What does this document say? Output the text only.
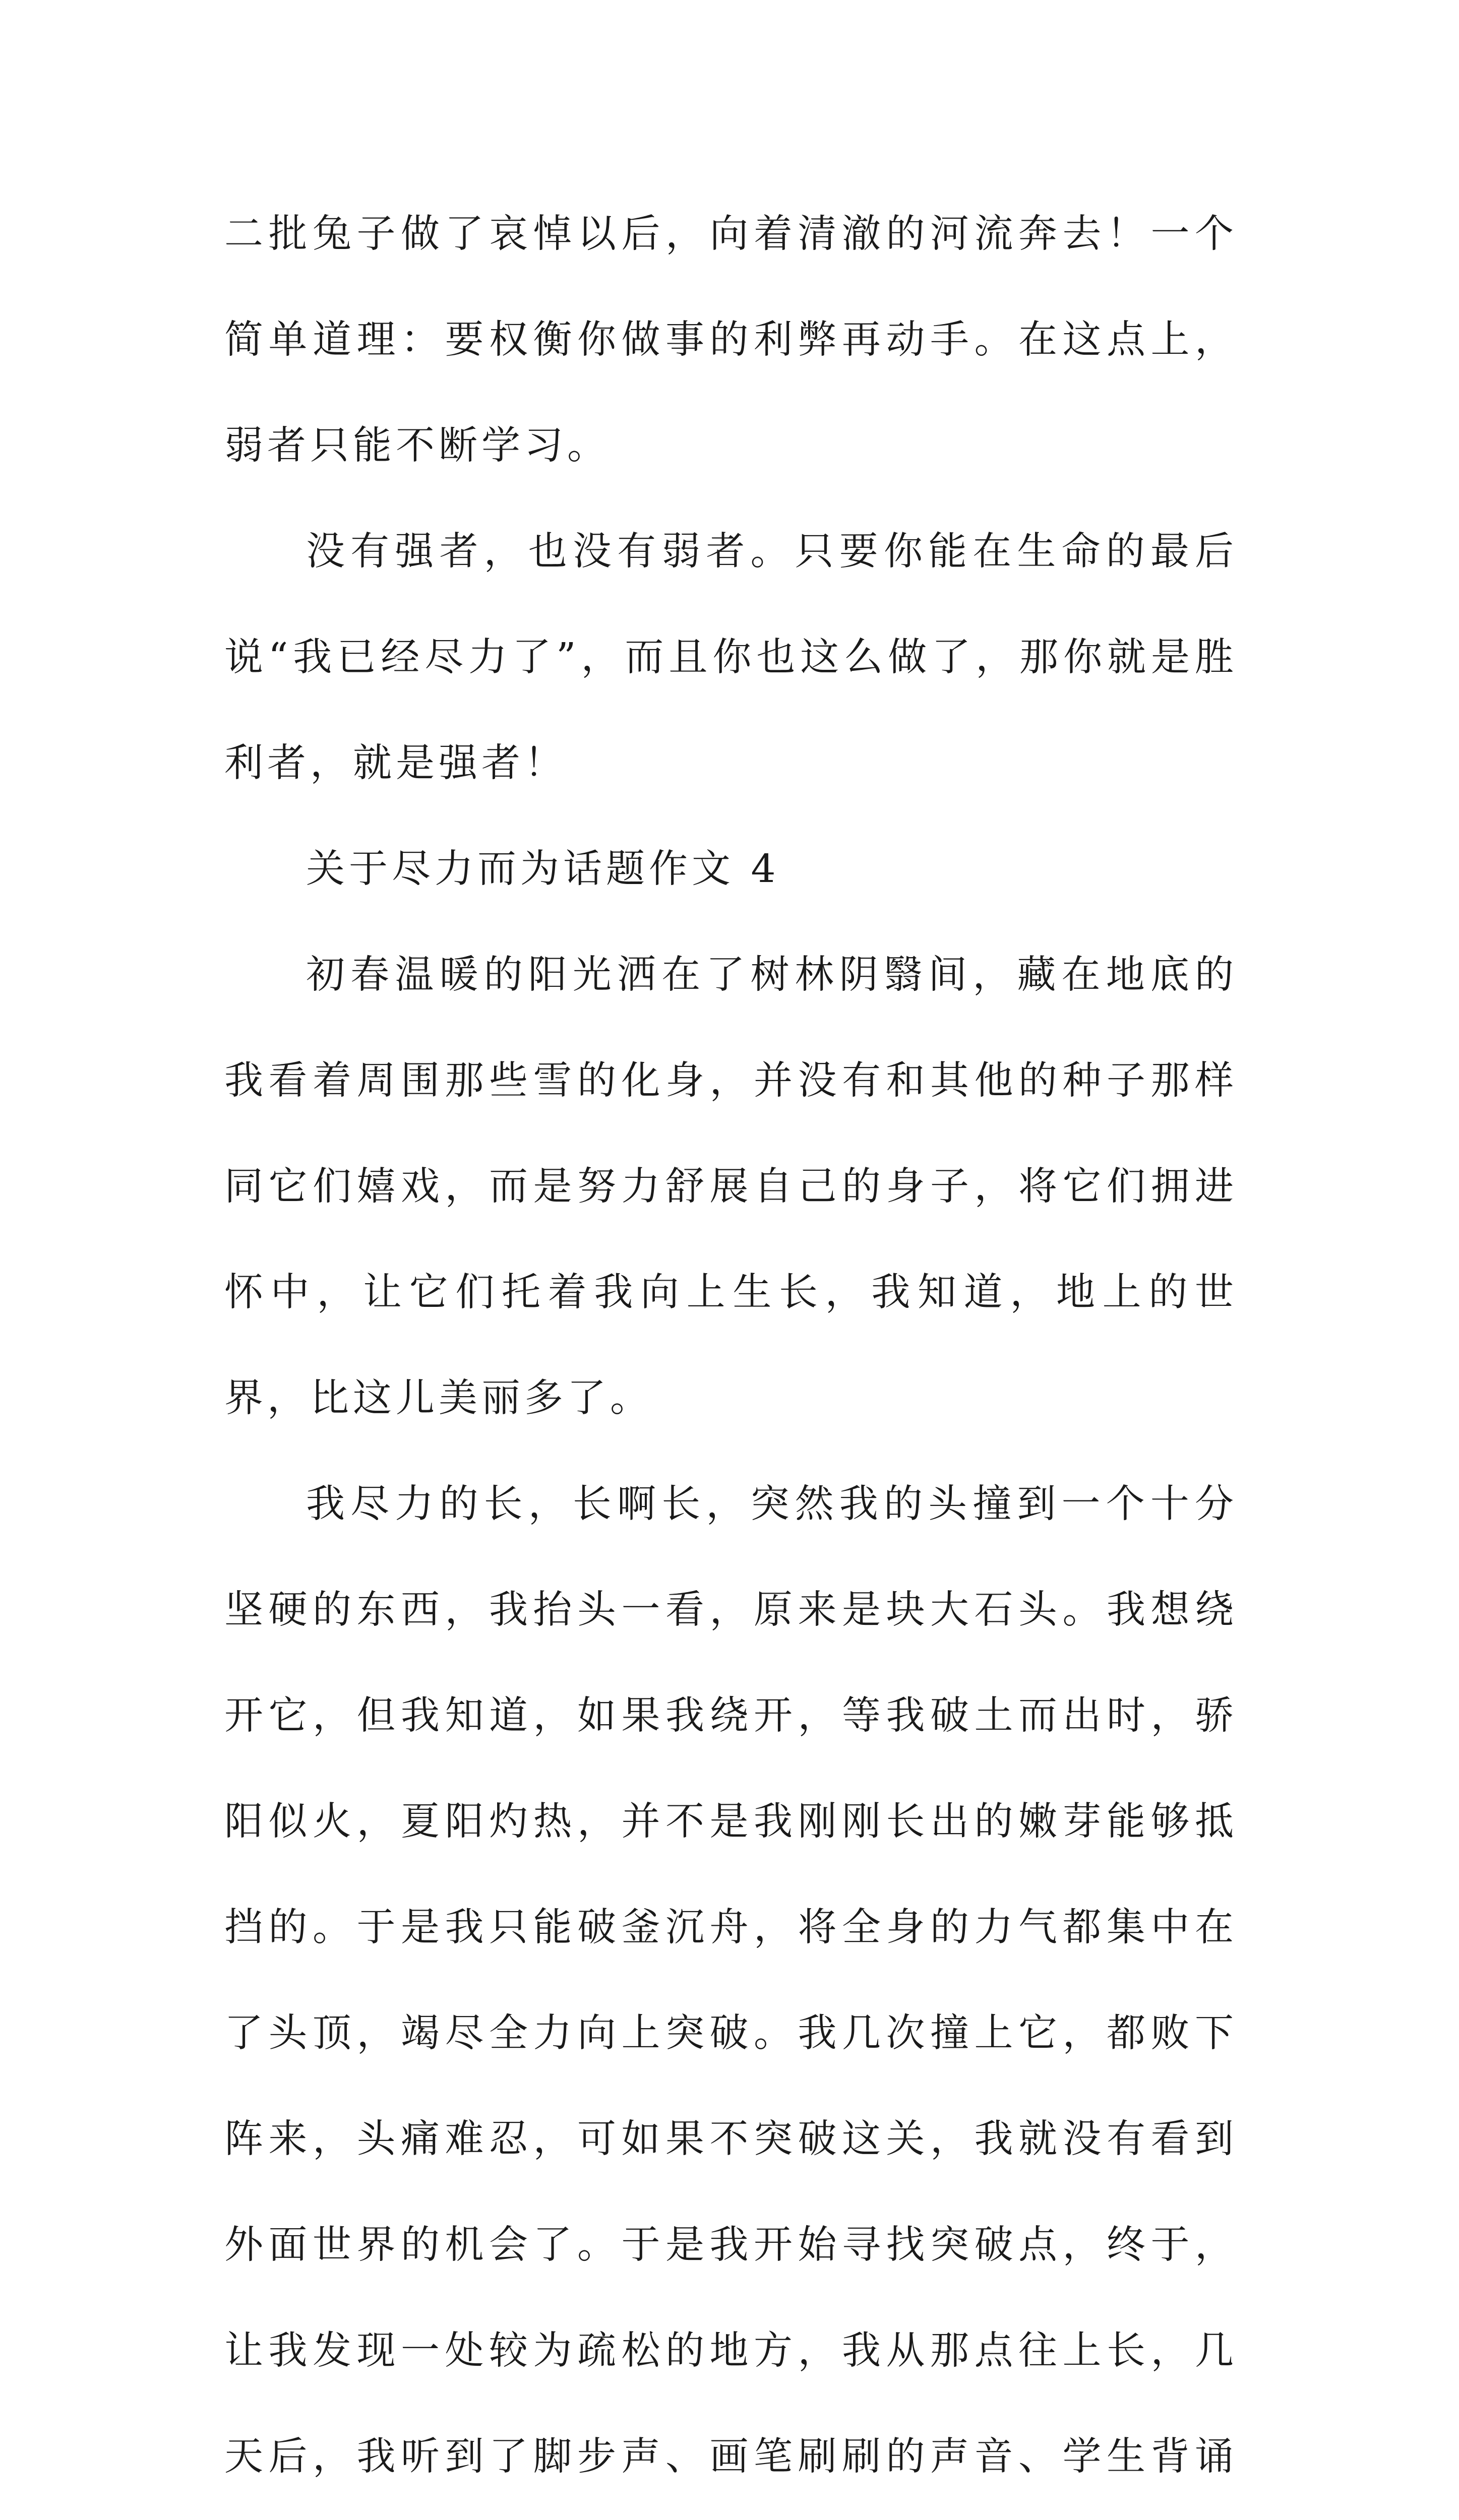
二批兔子做了哀悼以后，向着清澈的河流奔去！一个简单道理：要权衡你做事的利弊再动手。在这点上，弱者只能不断学习。

没有强者，也没有弱者。只要你能在生命的最后说“我已经尽力了”，而且你也这么做了，那你就是胜利者，就是强者！

关于尽力而为话题作文 4

初春温暖的阳光洒在了树林阴翳间，藏在地底的我看着周围那些雪的化身，并没有和其他的种子那样同它们嬉戏，而是努力舒展自己的身子，将它们拥进怀中，让它们托着我向上生长，我知道，地上的世界，比这儿美丽多了。

我尽力的长，长啊长，突然我的头撞到一个十分坚硬的东西，我抬头一看，原来是块大石头。我想绕开它，但我知道，如果我绕开，等我破土而出时，骄阳似火，夏阳灼热，并不是我刚刚长出的嫩芽能够抵挡的。于是我只能破釜沉舟，将全身的力气都集中在了头顶，竭尽全力向上突破。我几次撞上它，都败下阵来，头痛难忍，可如果不突破这关，我就没有看到外面世界的机会了。于是我开始寻找突破点，终于，让我发现一处较为疏松的地方，我从那点往上长，几天后，我听到了脚步声、画笔刷刷的声音、学生背诵
